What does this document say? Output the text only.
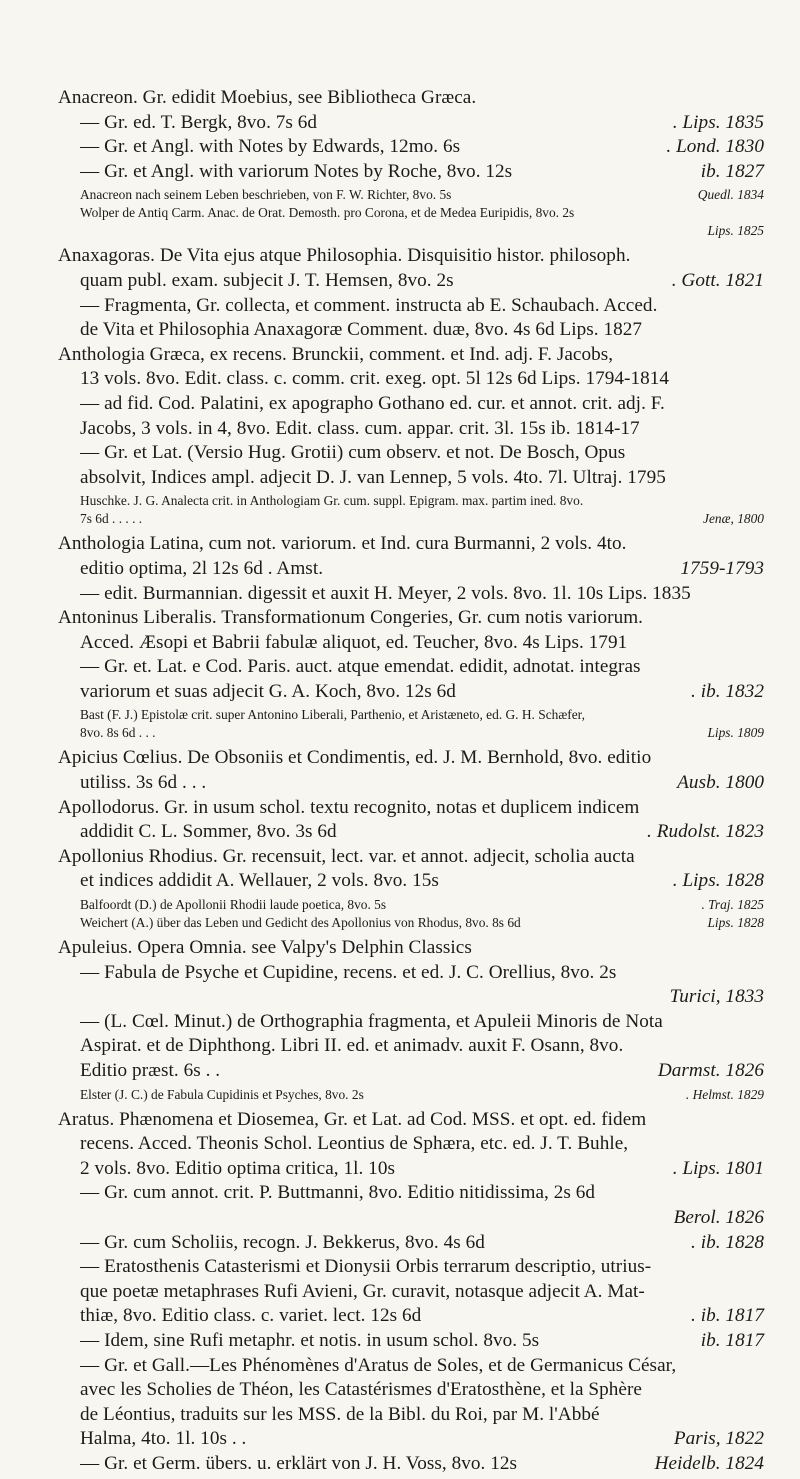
Anacreon. Gr. edidit Moebius, see Bibliotheca Græca.
— Gr. ed. T. Bergk, 8vo. 7s 6d	. Lips. 1835
— Gr. et Angl. with Notes by Edwards, 12mo. 6s	. Lond. 1830
— Gr. et Angl. with variorum Notes by Roche, 8vo. 12s	ib. 1827
Anacreon nach seinem Leben beschrieben, von F. W. Richter, 8vo. 5s	Quedl. 1834
Wolper de Antiq Carm. Anac. de Orat. Demosth. pro Corona, et de Medea Euripidis, 8vo. 2s
Lips. 1825
Anaxagoras. De Vita ejus atque Philosophia. Disquisitio histor. philosoph.
quam publ. exam. subjecit J. T. Hemsen, 8vo. 2s	. Gott. 1821
— Fragmenta, Gr. collecta, et comment. instructa ab E. Schaubach. Acced.
de Vita et Philosophia Anaxagoræ Comment. duæ, 8vo. 4s 6d Lips. 1827
Anthologia Græca, ex recens. Brunckii, comment. et Ind. adj. F. Jacobs,
13 vols. 8vo. Edit. class. c. comm. crit. exeg. opt. 5l 12s 6d Lips. 1794-1814
— ad fid. Cod. Palatini, ex apographo Gothano ed. cur. et annot. crit. adj. F.
Jacobs, 3 vols. in 4, 8vo. Edit. class. cum. appar. crit. 3l. 15s ib. 1814-17
— Gr. et Lat. (Versio Hug. Grotii) cum observ. et not. De Bosch, Opus
absolvit, Indices ampl. adjecit D. J. van Lennep, 5 vols. 4to. 7l. Ultraj. 1795
Huschke. J. G. Analecta crit. in Anthologiam Gr. cum. suppl. Epigram. max. partim ined. 8vo.
7s 6d . . . . .	Jenæ, 1800
Anthologia Latina, cum not. variorum. et Ind. cura Burmanni, 2 vols. 4to.
editio optima, 2l 12s 6d . Amst.	1759-1793
— edit. Burmannian. digessit et auxit H. Meyer, 2 vols. 8vo. 1l. 10s Lips. 1835
Antoninus Liberalis. Transformationum Congeries, Gr. cum notis variorum.
Acced. Æsopi et Babrii fabulæ aliquot, ed. Teucher, 8vo. 4s Lips. 1791
— Gr. et. Lat. e Cod. Paris. auct. atque emendat. edidit, adnotat. integras
variorum et suas adjecit G. A. Koch, 8vo. 12s 6d	. ib. 1832
Bast (F. J.) Epistolæ crit. super Antonino Liberali, Parthenio, et Aristæneto, ed. G. H. Schæfer,
8vo. 8s 6d . . .	Lips. 1809
Apicius Cœlius. De Obsoniis et Condimentis, ed. J. M. Bernhold, 8vo. editio
utiliss. 3s 6d . . .	Ausb. 1800
Apollodorus. Gr. in usum schol. textu recognito, notas et duplicem indicem
addidit C. L. Sommer, 8vo. 3s 6d	. Rudolst. 1823
Apollonius Rhodius. Gr. recensuit, lect. var. et annot. adjecit, scholia aucta
et indices addidit A. Wellauer, 2 vols. 8vo. 15s	. Lips. 1828
Balfoordt (D.) de Apollonii Rhodii laude poetica, 8vo. 5s	. Traj. 1825
Weichert (A.) über das Leben und Gedicht des Apollonius von Rhodus, 8vo. 8s 6d	Lips. 1828
Apuleius. Opera Omnia. see Valpy's Delphin Classics
— Fabula de Psyche et Cupidine, recens. et ed. J. C. Orellius, 8vo. 2s
Turici, 1833
— (L. Cœl. Minut.) de Orthographia fragmenta, et Apuleii Minoris de Nota
Aspirat. et de Diphthong. Libri II. ed. et animadv. auxit F. Osann, 8vo.
Editio præst. 6s . .	Darmst. 1826
Elster (J. C.) de Fabula Cupidinis et Psyches, 8vo. 2s	. Helmst. 1829
Aratus. Phænomena et Diosemea, Gr. et Lat. ad Cod. MSS. et opt. ed. fidem
recens. Acced. Theonis Schol. Leontius de Sphæra, etc. ed. J. T. Buhle,
2 vols. 8vo. Editio optima critica, 1l. 10s	. Lips. 1801
— Gr. cum annot. crit. P. Buttmanni, 8vo. Editio nitidissima, 2s 6d
Berol. 1826
— Gr. cum Scholiis, recogn. J. Bekkerus, 8vo. 4s 6d	. ib. 1828
— Eratosthenis Catasterismi et Dionysii Orbis terrarum descriptio, utrius-
que poetæ metaphrases Rufi Avieni, Gr. curavit, notasque adjecit A. Mat-
thiæ, 8vo. Editio class. c. variet. lect. 12s 6d	. ib. 1817
— Idem, sine Rufi metaphr. et notis. in usum schol. 8vo. 5s	ib. 1817
— Gr. et Gall.—Les Phénomènes d'Aratus de Soles, et de Germanicus César,
avec les Scholies de Théon, les Catastérismes d'Eratosthène, et la Sphère
de Léontius, traduits sur les MSS. de la Bibl. du Roi, par M. l'Abbé
Halma, 4to. 1l. 10s . .	Paris, 1822
— Gr. et Germ. übers. u. erklärt von J. H. Voss, 8vo. 12s	Heidelb. 1824
